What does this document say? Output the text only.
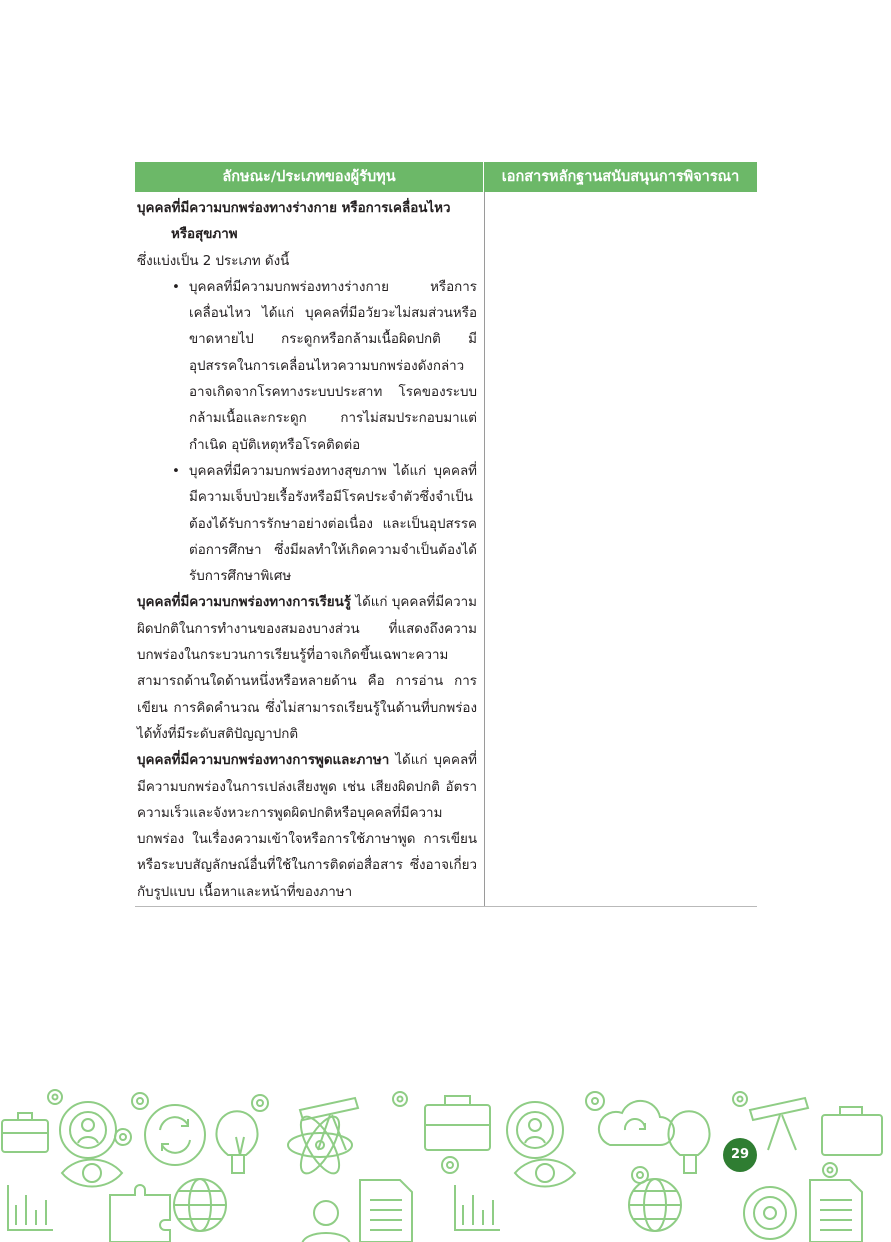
ลักษณะ/ประเภทของผู้รับทุน	เอกสารหลักฐานสนับสนุนการพิจารณา

บุคคลที่มีความบกพร่องทางร่างกาย หรือการเคลื่อนไหว

หรือสุขภาพ

ซึ่งแบ่งเป็น 2 ประเภท ดังนี้

• บุคคลที่มีความบกพร่องทางร่างกาย หรือการเคลื่อนไหว ได้แก่ บุคคลที่มีอวัยวะไม่สมส่วนหรือขาดหายไป กระดูกหรือกล้ามเนื้อผิดปกติ มีอุปสรรคในการเคลื่อนไหวความบกพร่องดังกล่าวอาจเกิดจากโรคทางระบบประสาท โรคของระบบกล้ามเนื้อและกระดูก การไม่สมประกอบมาแต่กำเนิด อุบัติเหตุหรือโรคติดต่อ
• บุคคลที่มีความบกพร่องทางสุขภาพ ได้แก่ บุคคลที่มีความเจ็บป่วยเรื้อรังหรือมีโรคประจำตัวซึ่งจำเป็นต้องได้รับการรักษาอย่างต่อเนื่อง และเป็นอุปสรรคต่อการศึกษา ซึ่งมีผลทำให้เกิดความจำเป็นต้องได้รับการศึกษาพิเศษ

บุคคลที่มีความบกพร่องทางการเรียนรู้ ได้แก่ บุคคลที่มีความผิดปกติในการทำงานของสมองบางส่วน ที่แสดงถึงความบกพร่องในกระบวนการเรียนรู้ที่อาจเกิดขึ้นเฉพาะความสามารถด้านใดด้านหนึ่งหรือหลายด้าน คือ การอ่าน การเขียน การคิดคำนวณ ซึ่งไม่สามารถเรียนรู้ในด้านที่บกพร่องได้ทั้งที่มีระดับสติปัญญาปกติ

บุคคลที่มีความบกพร่องทางการพูดและภาษา ได้แก่ บุคคลที่มีความบกพร่องในการเปล่งเสียงพูด เช่น เสียงผิดปกติ อัตราความเร็วและจังหวะการพูดผิดปกติหรือบุคคลที่มีความบกพร่อง ในเรื่องความเข้าใจหรือการใช้ภาษาพูด การเขียนหรือระบบสัญลักษณ์อื่นที่ใช้ในการติดต่อสื่อสาร ซึ่งอาจเกี่ยวกับรูปแบบ เนื้อหาและหน้าที่ของภาษา

29
